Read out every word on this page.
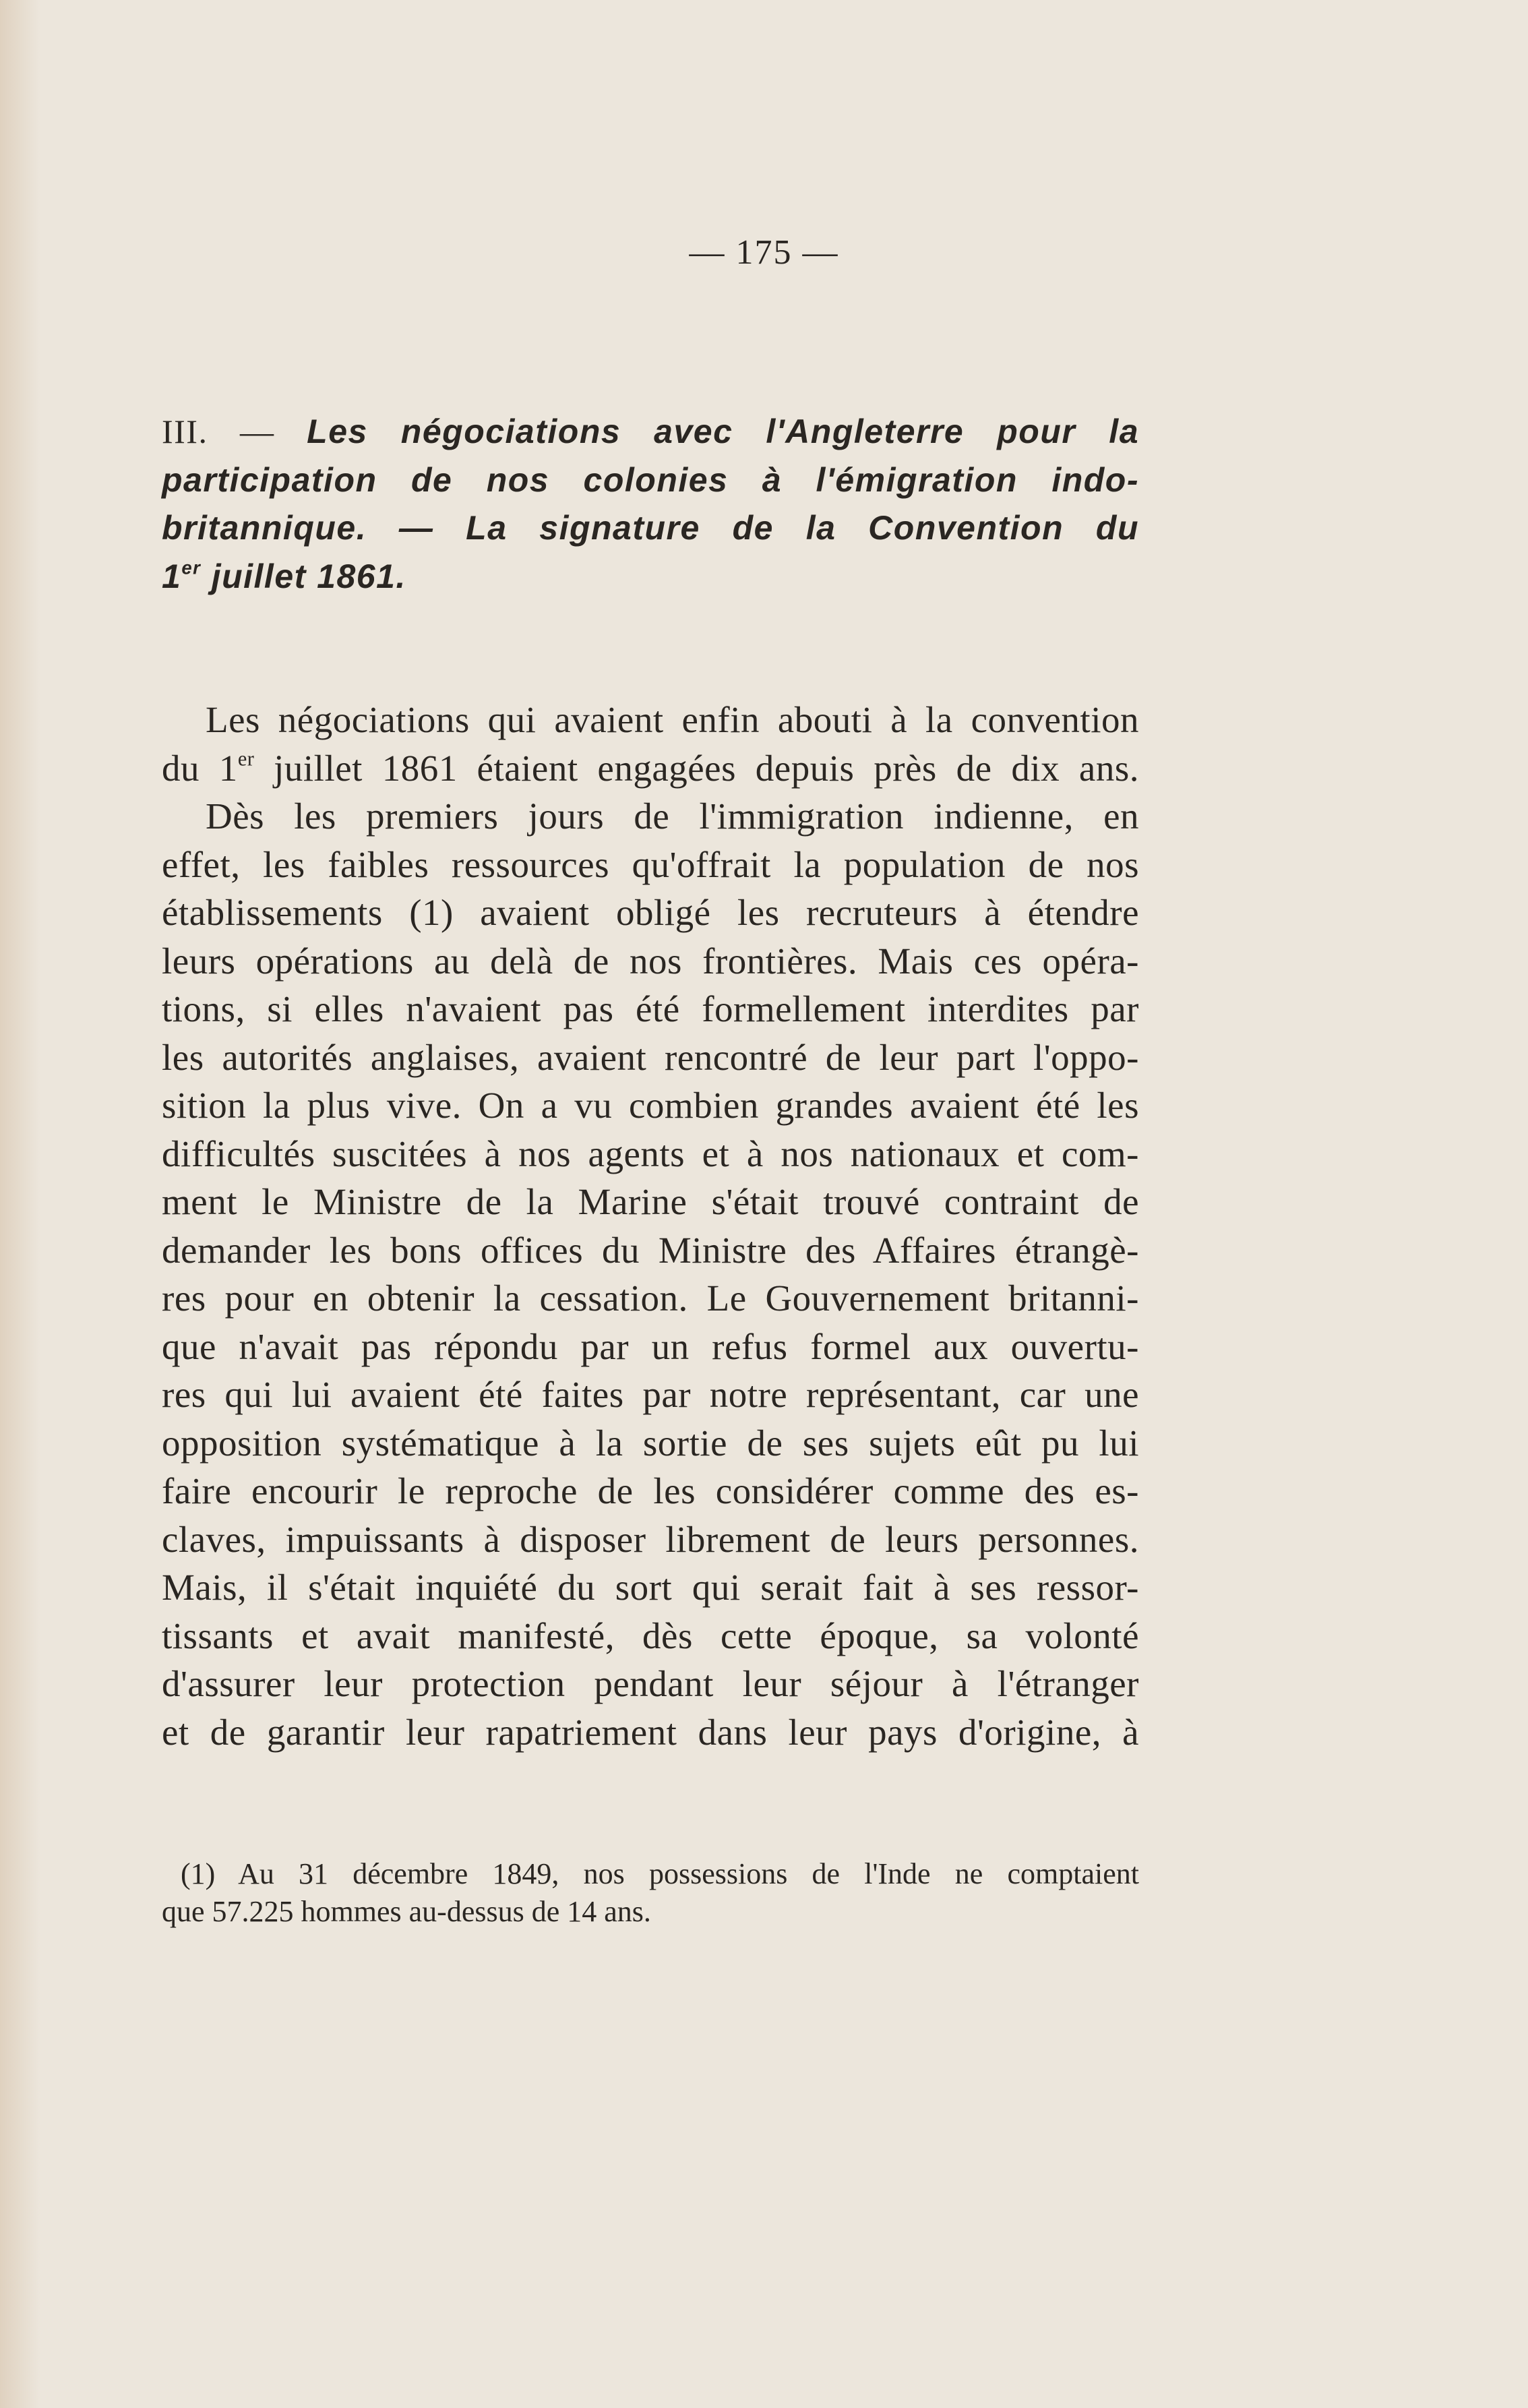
— 175 —
III. — Les négociations avec l'Angleterre pour la
participation de nos colonies à l'émigration indo-
britannique. — La signature de la Convention du
1er juillet 1861.
Les négociations qui avaient enfin abouti à la convention
du 1er juillet 1861 étaient engagées depuis près de dix ans.
Dès les premiers jours de l'immigration indienne, en
effet, les faibles ressources qu'offrait la population de nos
établissements (1) avaient obligé les recruteurs à étendre
leurs opérations au delà de nos frontières. Mais ces opéra-
tions, si elles n'avaient pas été formellement interdites par
les autorités anglaises, avaient rencontré de leur part l'oppo-
sition la plus vive. On a vu combien grandes avaient été les
difficultés suscitées à nos agents et à nos nationaux et com-
ment le Ministre de la Marine s'était trouvé contraint de
demander les bons offices du Ministre des Affaires étrangè-
res pour en obtenir la cessation. Le Gouvernement britanni-
que n'avait pas répondu par un refus formel aux ouvertu-
res qui lui avaient été faites par notre représentant, car une
opposition systématique à la sortie de ses sujets eût pu lui
faire encourir le reproche de les considérer comme des es-
claves, impuissants à disposer librement de leurs personnes.
Mais, il s'était inquiété du sort qui serait fait à ses ressor-
tissants et avait manifesté, dès cette époque, sa volonté
d'assurer leur protection pendant leur séjour à l'étranger
et de garantir leur rapatriement dans leur pays d'origine, à
(1) Au 31 décembre 1849, nos possessions de l'Inde ne comptaient
que 57.225 hommes au-dessus de 14 ans.
